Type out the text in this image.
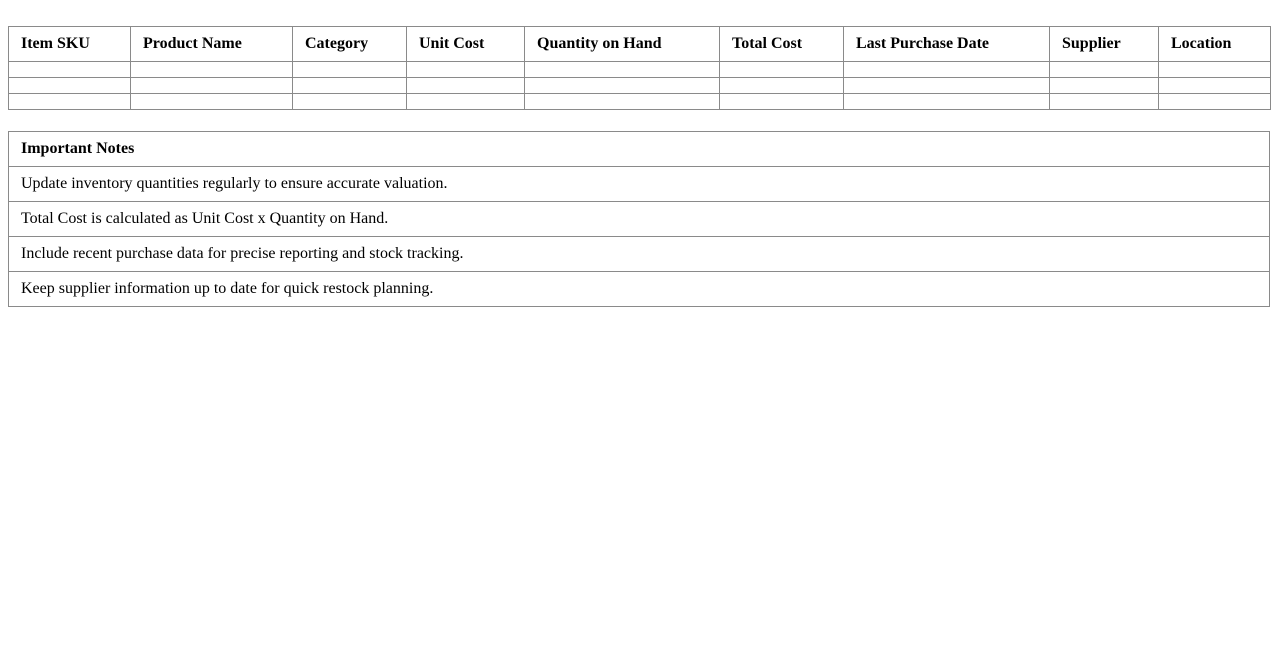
Item SKU	Product Name	Category	Unit Cost	Quantity on Hand	Total Cost	Last Purchase Date	Supplier	Location

Important Notes
Update inventory quantities regularly to ensure accurate valuation.
Total Cost is calculated as Unit Cost x Quantity on Hand.
Include recent purchase data for precise reporting and stock tracking.
Keep supplier information up to date for quick restock planning.
